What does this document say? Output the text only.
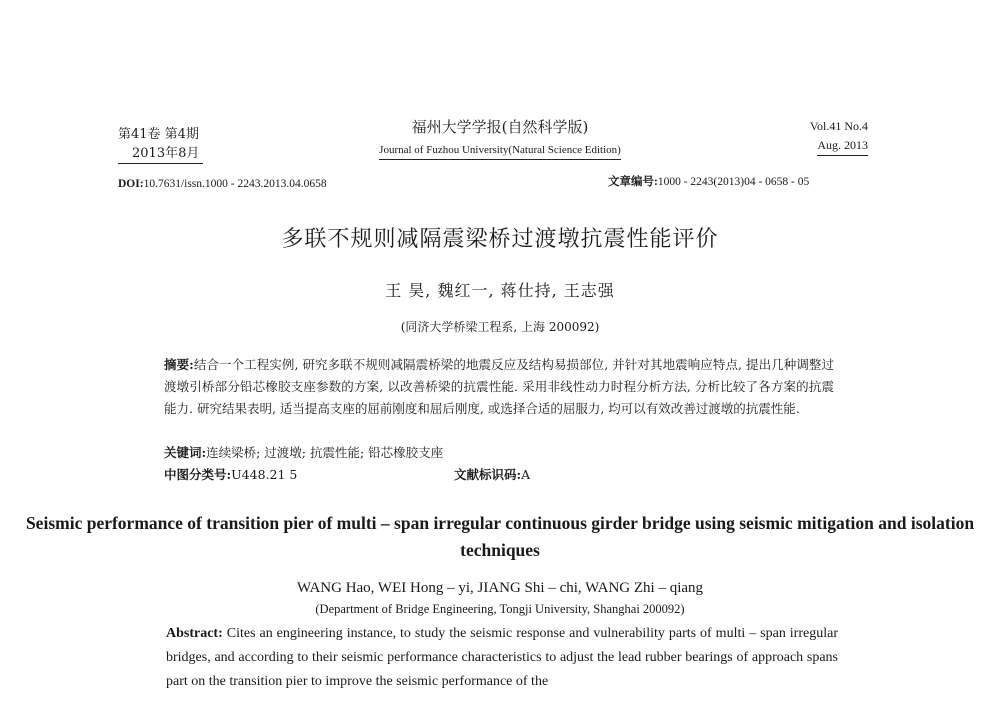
第41卷 第4期
2013年8月
福州大学学报(自然科学版)
Journal of Fuzhou University(Natural Science Edition)
Vol.41 No.4
Aug. 2013
DOI:10.7631/issn.1000 - 2243.2013.04.0658	文章编号:1000 - 2243(2013)04 - 0658 - 05
多联不规则减隔震梁桥过渡墩抗震性能评价
王 昊, 魏红一, 蒋仕持, 王志强
(同济大学桥梁工程系, 上海 200092)
摘要:结合一个工程实例, 研究多联不规则减隔震桥梁的地震反应及结构易损部位, 并针对其地震响应特点, 提出几种调整过渡墩引桥部分铅芯橡胶支座参数的方案, 以改善桥梁的抗震性能. 采用非线性动力时程分析方法, 分析比较了各方案的抗震能力. 研究结果表明, 适当提高支座的屈前刚度和屈后刚度, 或选择合适的屈服力, 均可以有效改善过渡墩的抗震性能.
关键词:连续梁桥; 过渡墩; 抗震性能; 铅芯橡胶支座
中图分类号:U448.21 5	文献标识码:A
Seismic performance of transition pier of multi – span irregular continuous girder bridge using seismic mitigation and isolation techniques
WANG Hao, WEI Hong – yi, JIANG Shi – chi, WANG Zhi – qiang
(Department of Bridge Engineering, Tongji University, Shanghai 200092)
Abstract: Cites an engineering instance, to study the seismic response and vulnerability parts of multi – span irregular bridges, and according to their seismic performance characteristics to adjust the lead rubber bearings of approach spans part on the transition pier to improve the seismic performance of the
